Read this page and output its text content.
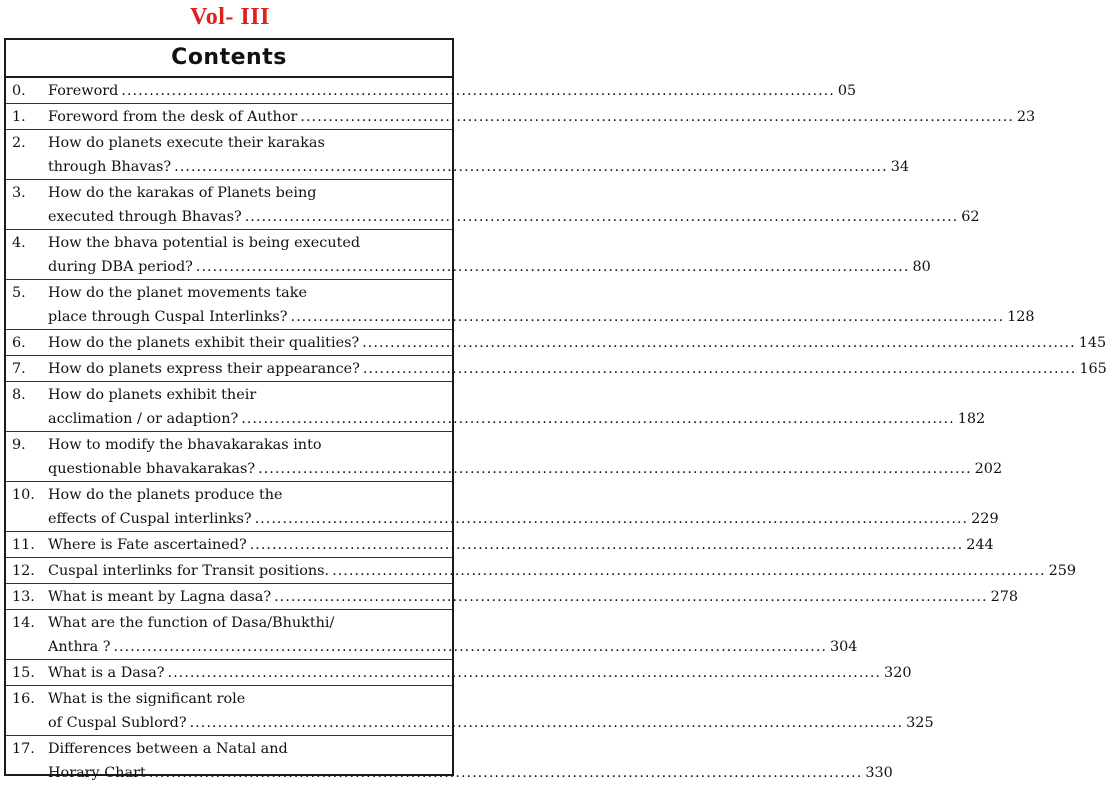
Vol- III
Contents
0.	Foreword .....	05
1.	Foreword from the desk of Author .....	23
2.	How do planets execute their karakas
through Bhavas? .....	34
3.	How do the karakas of Planets being
executed through Bhavas? .....	62
4.	How the bhava potential is being executed
during DBA period? .....	80
5.	How do the planet movements take
place through Cuspal Interlinks? .....	128
6.	How do the planets exhibit their qualities? .....	145
7.	How do planets express their appearance? .....	165
8.	How do planets exhibit their
acclimation / or adaption? .....	182
9.	How to modify the bhavakarakas into
questionable bhavakarakas? .....	202
10. How do the planets produce the
effects of Cuspal interlinks? .....	229
11. Where is Fate ascertained? .....	244
12. Cuspal interlinks for Transit positions. .....	259
13. What is meant by Lagna dasa? .....	278
14. What are the function of Dasa/Bhukthi/
Anthra ? .....	304
15. What is a Dasa? .....	320
16. What is the significant role
of Cuspal Sublord? .....	325
17. Differences between a Natal and
Horary Chart .....	330
